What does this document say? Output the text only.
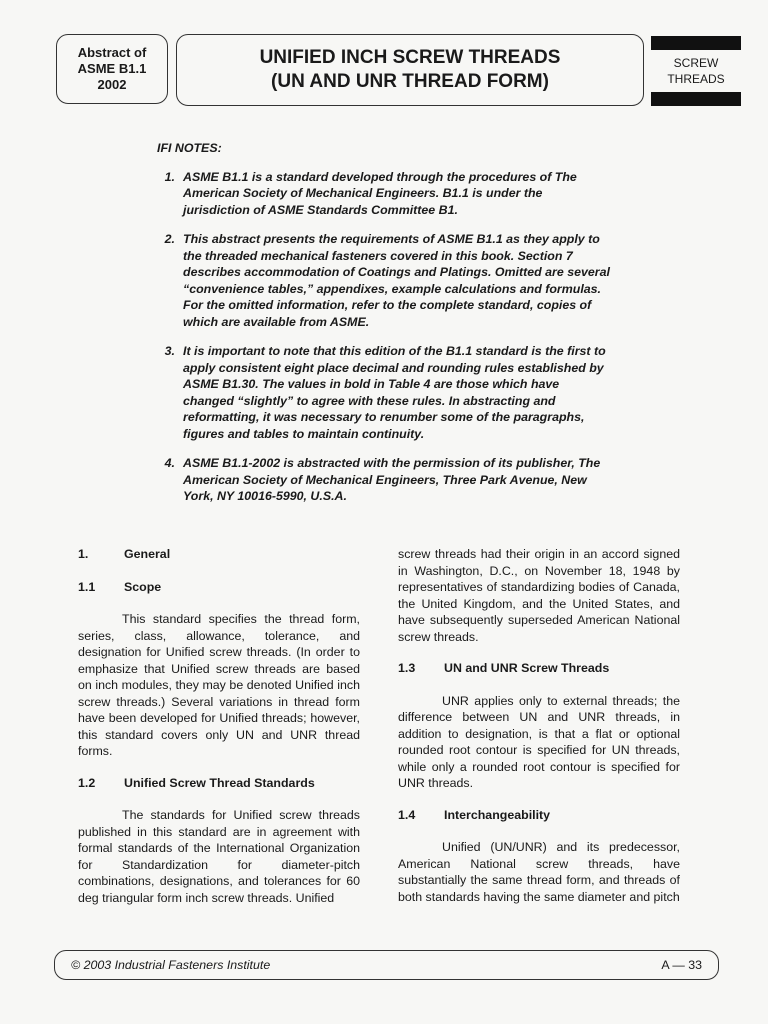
Abstract of
ASME B1.1
2002
UNIFIED INCH SCREW THREADS
(UN AND UNR THREAD FORM)
SCREW
THREADS
IFI NOTES:
1. ASME B1.1 is a standard developed through the procedures of The American Society of Mechanical Engineers. B1.1 is under the jurisdiction of ASME Standards Committee B1.
2. This abstract presents the requirements of ASME B1.1 as they apply to the threaded mechanical fasteners covered in this book. Section 7 describes accommodation of Coatings and Platings. Omitted are several “convenience tables,” appendixes, example calculations and formulas. For the omitted information, refer to the complete standard, copies of which are available from ASME.
3. It is important to note that this edition of the B1.1 standard is the first to apply consistent eight place decimal and rounding rules established by ASME B1.30. The values in bold in Table 4 are those which have changed “slightly” to agree with these rules. In abstracting and reformatting, it was necessary to renumber some of the paragraphs, figures and tables to maintain continuity.
4. ASME B1.1-2002 is abstracted with the permission of its publisher, The American Society of Mechanical Engineers, Three Park Avenue, New York, NY 10016-5990, U.S.A.
1.	General
1.1	Scope

This standard specifies the thread form, series, class, allowance, tolerance, and designation for Unified screw threads. (In order to emphasize that Unified screw threads are based on inch modules, they may be denoted Unified inch screw threads.) Several variations in thread form have been developed for Unified threads; however, this standard covers only UN and UNR thread forms.

1.2	Unified Screw Thread Standards

The standards for Unified screw threads published in this standard are in agreement with formal standards of the International Organization for Standardization for diameter-pitch combinations, designations, and tolerances for 60 deg triangular form inch screw threads. Unified

screw threads had their origin in an accord signed in Washington, D.C., on November 18, 1948 by representatives of standardizing bodies of Canada, the United Kingdom, and the United States, and have subsequently superseded American National screw threads.

1.3	UN and UNR Screw Threads

UNR applies only to external threads; the difference between UN and UNR threads, in addition to designation, is that a flat or optional rounded root contour is specified for UN threads, while only a rounded root contour is specified for UNR threads.

1.4	Interchangeability

Unified (UN/UNR) and its predecessor, American National screw threads, have substantially the same thread form, and threads of both standards having the same diameter and pitch

© 2003 Industrial Fasteners Institute	A — 33
